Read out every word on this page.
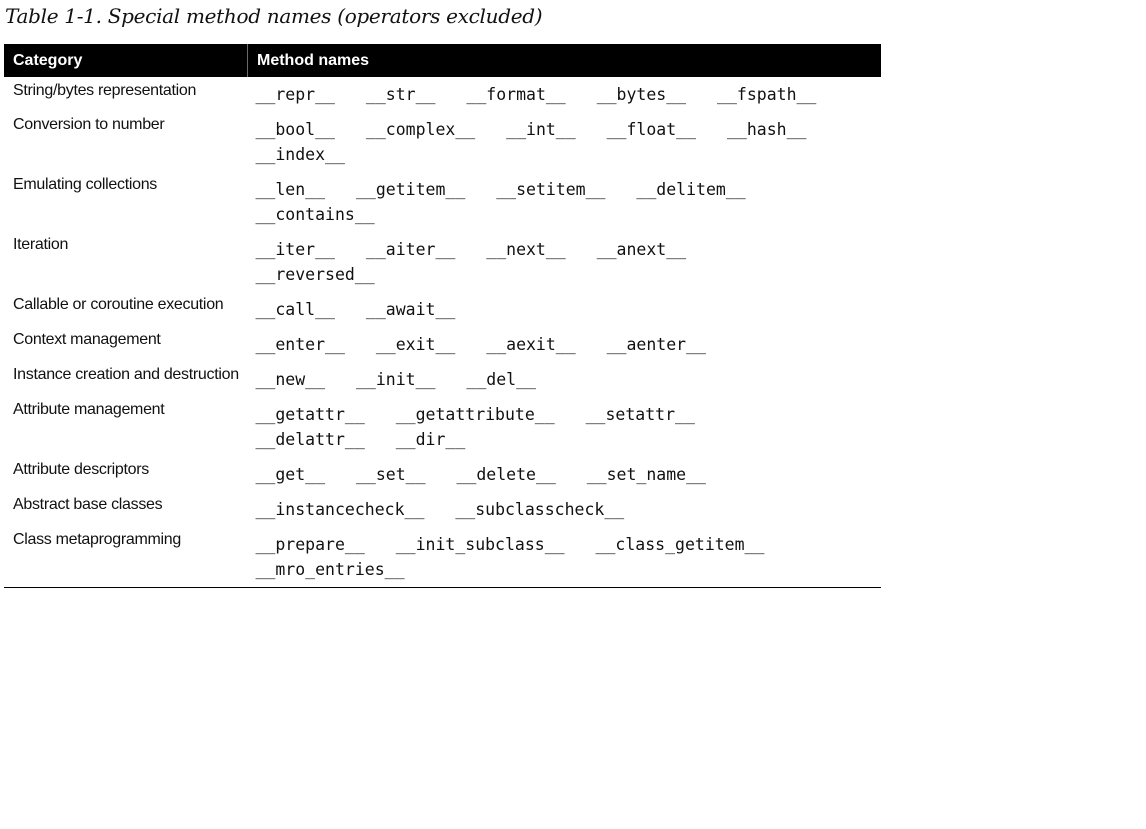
Table 1-1. Special method names (operators excluded)
Category	Method names
String/bytes representation	__repr__ __str__ __format__ __bytes__ __fspath__
Conversion to number	__bool__ __complex__ __int__ __float__ __hash__ __index__
Emulating collections	__len__ __getitem__ __setitem__ __delitem__ __contains__
Iteration	__iter__ __aiter__ __next__ __anext__ __reversed__
Callable or coroutine execution	__call__ __await__
Context management	__enter__ __exit__ __aexit__ __aenter__
Instance creation and destruction	__new__ __init__ __del__
Attribute management	__getattr__ __getattribute__ __setattr__ __delattr__ __dir__
Attribute descriptors	__get__ __set__ __delete__ __set_name__
Abstract base classes	__instancecheck__ __subclasscheck__
Class metaprogramming	__prepare__ __init_subclass__ __class_getitem__ __mro_entries__
